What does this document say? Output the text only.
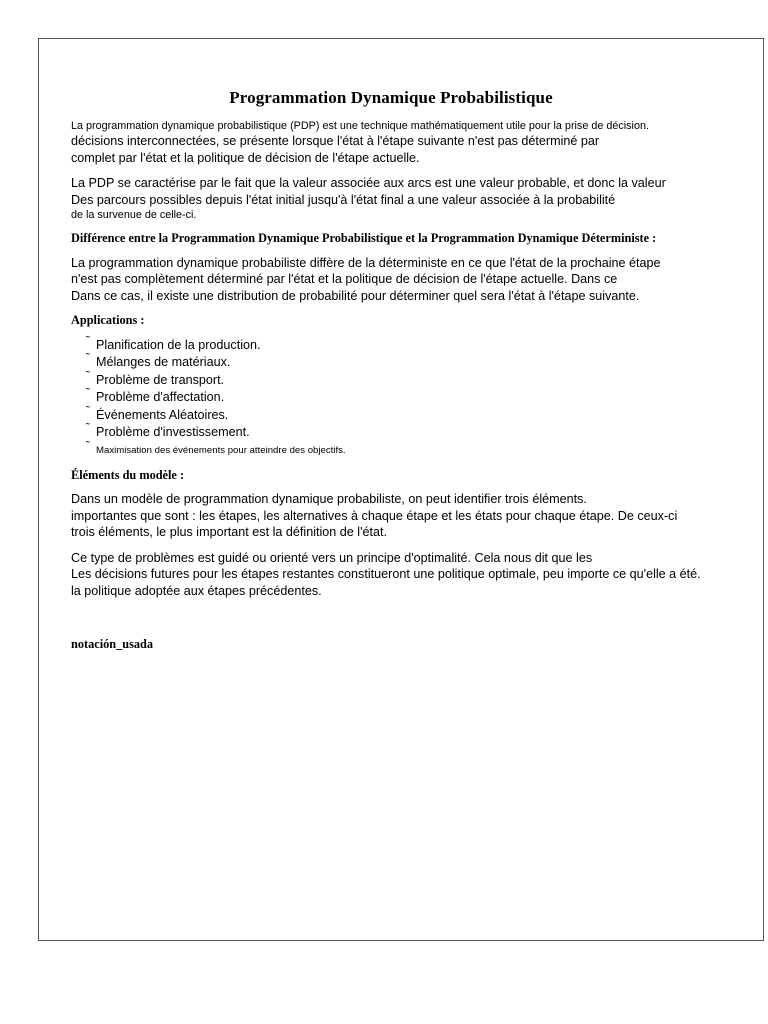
Programmation Dynamique Probabilistique

La programmation dynamique probabilistique (PDP) est une technique mathématiquement utile pour la prise de décision.

décisions interconnectées, se présente lorsque l'état à l'étape suivante n'est pas déterminé par

complet par l'état et la politique de décision de l'étape actuelle.

La PDP se caractérise par le fait que la valeur associée aux arcs est une valeur probable, et donc la valeur

Des parcours possibles depuis l'état initial jusqu'à l'état final a une valeur associée à la probabilité

de la survenue de celle-ci.

Différence entre la Programmation Dynamique Probabilistique et la Programmation Dynamique Déterministe :

La programmation dynamique probabiliste diffère de la déterministe en ce que l'état de la prochaine étape

n'est pas complètement déterminé par l'état et la politique de décision de l'étape actuelle. Dans ce

Dans ce cas, il existe une distribution de probabilité pour déterminer quel sera l'état à l'étape suivante.

Applications :
˜ Planification de la production.
˜ Mélanges de matériaux.
˜ Problème de transport.
˜ Problème d'affectation.
˜ Événements Aléatoires.
˜ Problème d'investissement.
˜ Maximisation des événements pour atteindre des objectifs.
Éléments du modèle :

Dans un modèle de programmation dynamique probabiliste, on peut identifier trois éléments.

importantes que sont : les étapes, les alternatives à chaque étape et les états pour chaque étape. De ceux-ci

trois éléments, le plus important est la définition de l'état.

Ce type de problèmes est guidé ou orienté vers un principe d'optimalité. Cela nous dit que les

Les décisions futures pour les étapes restantes constitueront une politique optimale, peu importe ce qu'elle a été.

la politique adoptée aux étapes précédentes.

notación_usada
